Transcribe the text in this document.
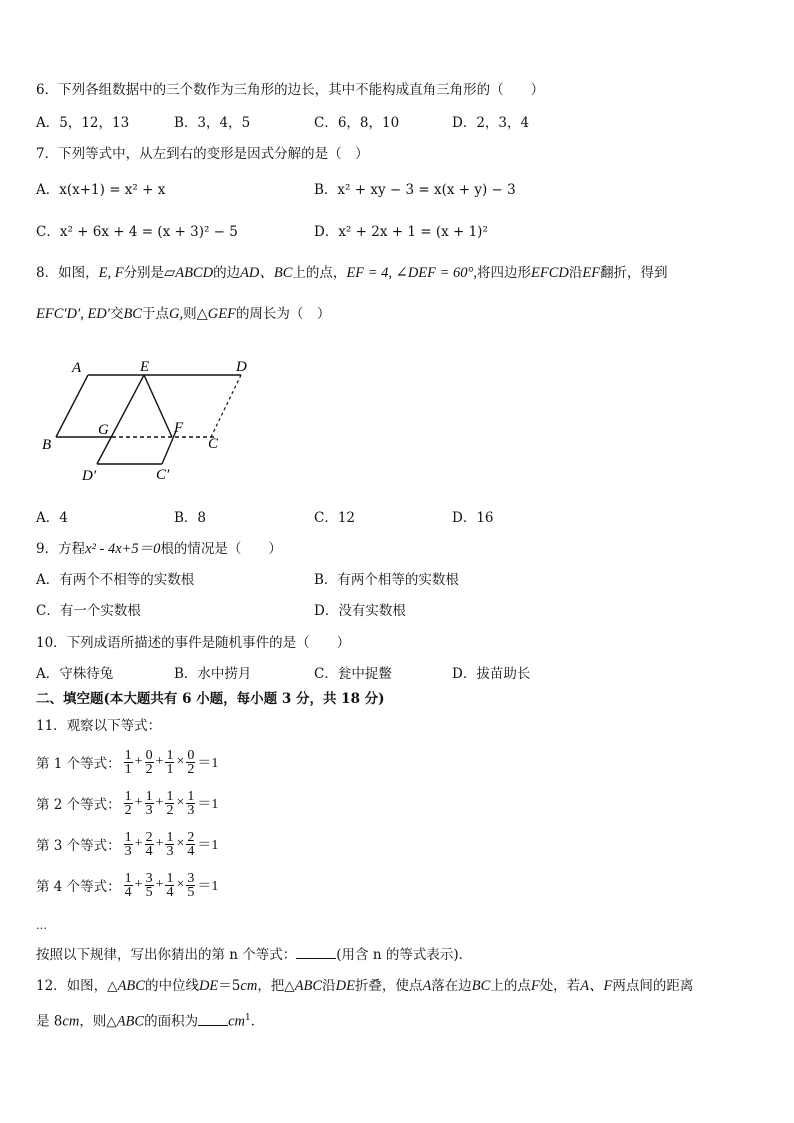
6．下列各组数据中的三个数作为三角形的边长，其中不能构成直角三角形的（　　）
A．5，12，13	B．3，4，5	C．6，8，10	D．2，3，4
7．下列等式中，从左到右的变形是因式分解的是（　）
A．x(x+1) = x² + x	B．x² + xy − 3 = x(x + y) − 3
C．x² + 6x + 4 = (x + 3)² − 5	D．x² + 2x + 1 = (x + 1)²
8．如图，E, F分别是▱ABCD的边AD、BC上的点，EF = 4, ∠DEF = 60°,将四边形EFCD沿EF翻折，得到
EFC′D′, ED′交BC于点G,则△GEF的周长为（　）
A	E	D
B
G	F
C
D′	C′
A．4	B．8	C．12	D．16
9．方程x² - 4x+5＝0根的情况是（　　）
A．有两个不相等的实数根	B．有两个相等的实数根
C．有一个实数根	D．没有实数根
10．下列成语所描述的事件是随机事件的是（　　）
A．守株待兔	B．水中捞月	C．瓮中捉鳖	D．拔苗助长
二、填空题(本大题共有 6 小题，每小题 3 分，共 18 分)
11．观察以下等式：
第 1 个等式： $\frac{1}{1} + \frac{0}{2} + \frac{1}{1} \times \frac{0}{2} =1$
第 2 个等式： $\frac{1}{2} + \frac{1}{3} + \frac{1}{2} \times \frac{1}{3} =1$
第 3 个等式： $\frac{1}{3} + \frac{2}{4} + \frac{1}{3} \times \frac{2}{4} =1$
第 4 个等式： $\frac{1}{4} + \frac{3}{5} + \frac{1}{4} \times \frac{3}{5} =1$
…
按照以下规律，写出你猜出的第 n 个等式：	(用含 n 的等式表示)．
12．如图，△ABC的中位线DE＝5cm，把△ABC沿DE折叠，使点A落在边BC上的点F处，若A、F两点间的距离
是 8cm，则△ABC的面积为 $cm^1$．
